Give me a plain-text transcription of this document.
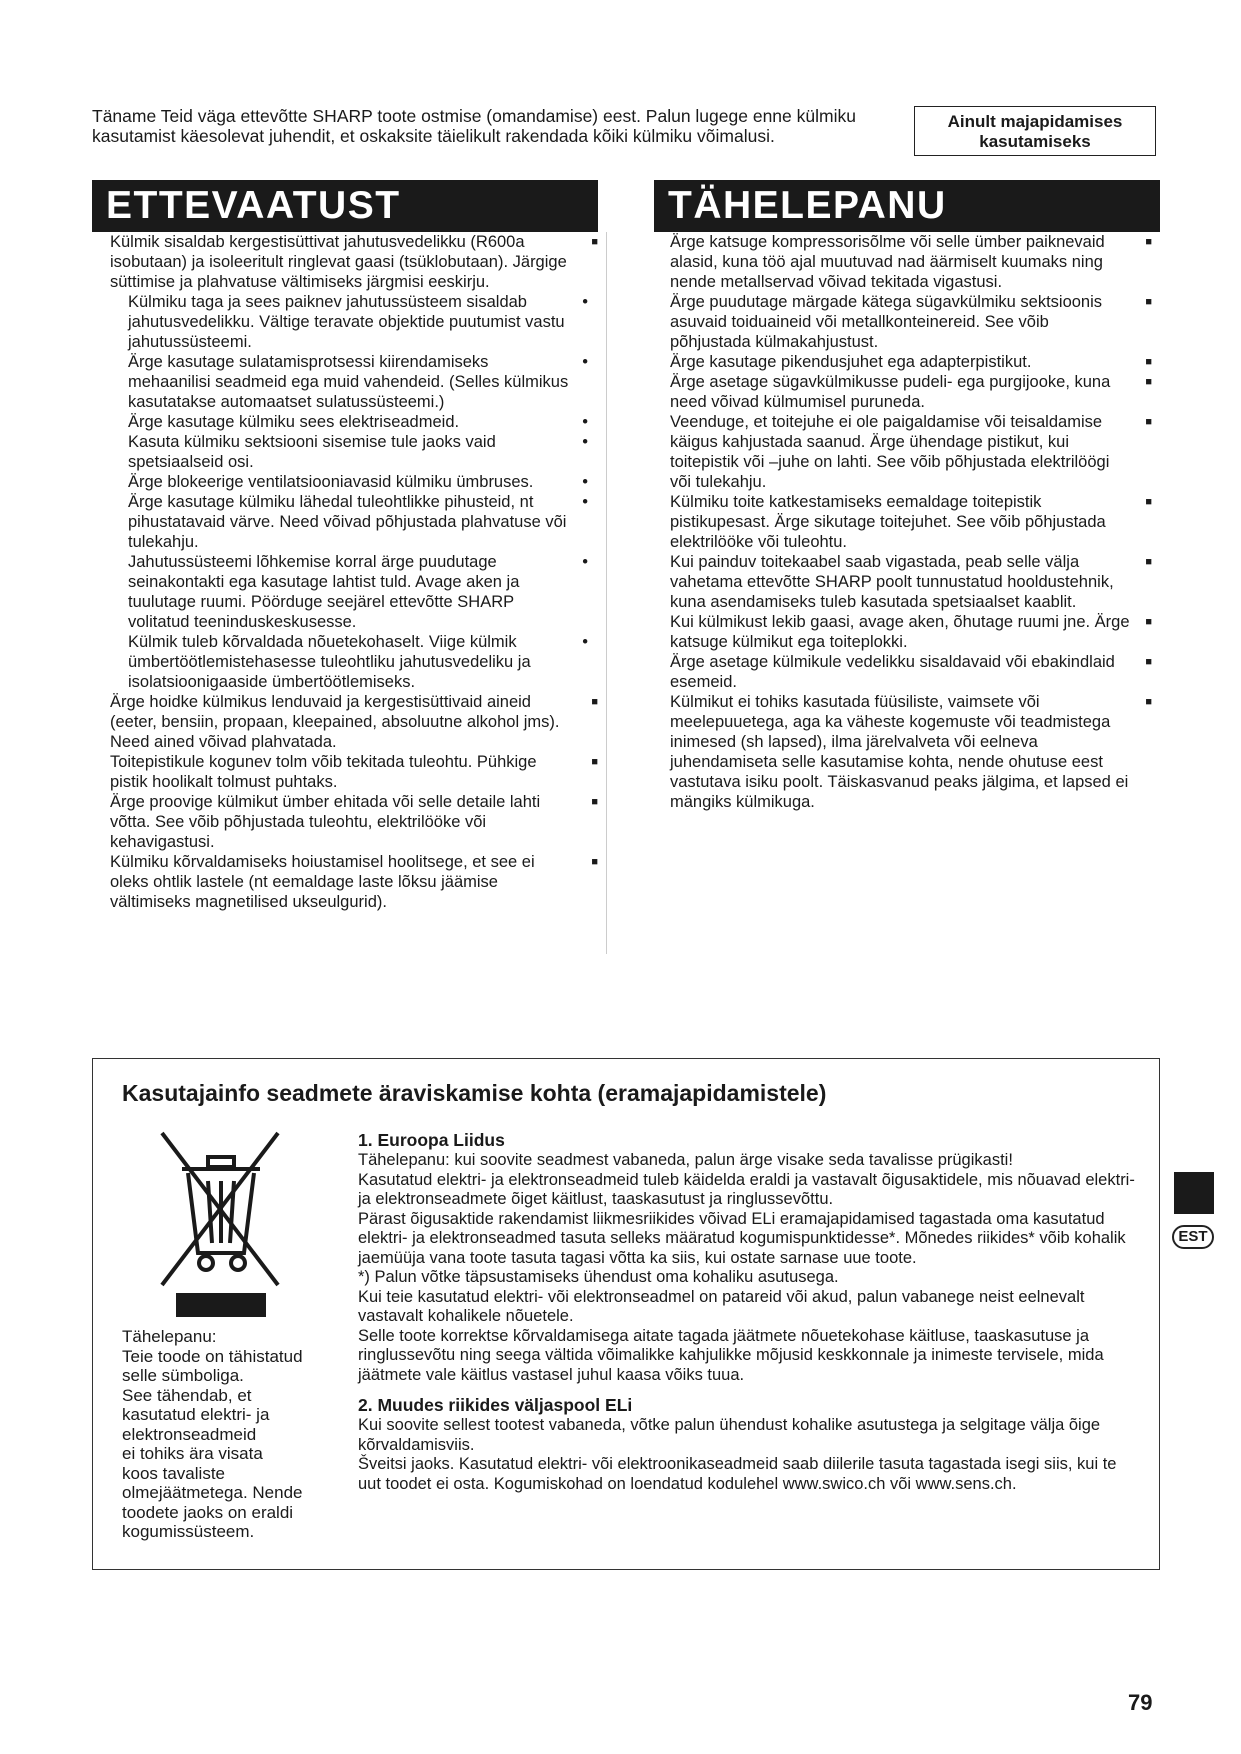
Täname Teid väga ettevõtte SHARP toote ostmise (omandamise) eest. Palun lugege enne külmiku kasutamist käesolevat juhendit, et oskaksite täielikult rakendada kõiki külmiku võimalusi.
Ainult majapidamises kasutamiseks
ETTEVAATUST	TÄHELEPANU

Külmik sisaldab kergestisüttivat jahutusvedelikku (R600a isobutaan) ja isoleeritult ringlevat gaasi (tsüklobutaan). Järgige süttimise ja plahvatuse vältimiseks järgmisi eeskirju. ■

Külmiku taga ja sees paiknev jahutussüsteem sisaldab jahutusvedelikku. Vältige teravate objektide puutumist vastu jahutussüsteemi. •

Ärge kasutage sulatamisprotsessi kiirendamiseks mehaanilisi seadmeid ega muid vahendeid. (Selles külmikus kasutatakse automaatset sulatussüsteemi.) •

Ärge kasutage külmiku sees elektriseadmeid. •

Kasuta külmiku sektsiooni sisemise tule jaoks vaid spetsiaalseid osi. •

Ärge blokeerige ventilatsiooniavasid külmiku ümbruses. •

Ärge kasutage külmiku lähedal tuleohtlikke pihusteid, nt pihustatavaid värve. Need võivad põhjustada plahvatuse või tulekahju. •

Jahutussüsteemi lõhkemise korral ärge puudutage seinakontakti ega kasutage lahtist tuld. Avage aken ja tuulutage ruumi. Pöörduge seejärel ettevõtte SHARP volitatud teeninduskeskusesse. •

Külmik tuleb kõrvaldada nõuetekohaselt. Viige külmik ümbertöötlemistehasesse tuleohtliku jahutusvedeliku ja isolatsioonigaaside ümbertöötlemiseks. •

Ärge hoidke külmikus lenduvaid ja kergestisüttivaid aineid (eeter, bensiin, propaan, kleepained, absoluutne alkohol jms). Need ained võivad plahvatada. ■

Toitepistikule kogunev tolm võib tekitada tuleohtu. Pühkige pistik hoolikalt tolmust puhtaks. ■

Ärge proovige külmikut ümber ehitada või selle detaile lahti võtta. See võib põhjustada tuleohtu, elektrilööke või kehavigastusi. ■

Külmiku kõrvaldamiseks hoiustamisel hoolitsege, et see ei oleks ohtlik lastele (nt eemaldage laste lõksu jäämise vältimiseks magnetilised ukseulgurid). ■

Ärge katsuge kompressorisõlme või selle ümber paiknevaid alasid, kuna töö ajal muutuvad nad äärmiselt kuumaks ning nende metallservad võivad tekitada vigastusi. ■

Ärge puudutage märgade kätega sügavkülmiku sektsioonis asuvaid toiduaineid või metallkonteinereid. See võib põhjustada külmakahjustust. ■

Ärge kasutage pikendusjuhet ega adapterpistikut. ■

Ärge asetage sügavkülmikusse pudeli- ega purgijooke, kuna need võivad külmumisel puruneda. ■

Veenduge, et toitejuhe ei ole paigaldamise või teisaldamise käigus kahjustada saanud. Ärge ühendage pistikut, kui toitepistik või –juhe on lahti. See võib põhjustada elektrilöögi või tulekahju. ■

Külmiku toite katkestamiseks eemaldage toitepistik pistikupesast. Ärge sikutage toitejuhet. See võib põhjustada elektrilööke või tuleohtu. ■

Kui painduv toitekaabel saab vigastada, peab selle välja vahetama ettevõtte SHARP poolt tunnustatud hooldustehnik, kuna asendamiseks tuleb kasutada spetsiaalset kaablit. ■

Kui külmikust lekib gaasi, avage aken, õhutage ruumi jne. Ärge katsuge külmikut ega toiteplokki. ■

Ärge asetage külmikule vedelikku sisaldavaid või ebakindlaid esemeid. ■

Külmikut ei tohiks kasutada füüsiliste, vaimsete või meelepuuetega, aga ka väheste kogemuste või teadmistega inimesed (sh lapsed), ilma järelvalveta või eelneva juhendamiseta selle kasutamise kohta, nende ohutuse eest vastutava isiku poolt. Täiskasvanud peaks jälgima, et lapsed ei mängiks külmikuga. ■

Kasutajainfo seadmete äraviskamise kohta (eramajapidamistele)

Tähelepanu:

Teie toode on tähistatud

selle sümboliga.

See tähendab, et

kasutatud elektri- ja

elektronseadmeid

ei tohiks ära visata

koos tavaliste

olmejäätmetega. Nende

toodete jaoks on eraldi

kogumissüsteem.

1. Euroopa Liidus

Tähelepanu: kui soovite seadmest vabaneda, palun ärge visake seda tavalisse prügikasti!

Kasutatud elektri- ja elektronseadmeid tuleb käidelda eraldi ja vastavalt õigusaktidele, mis nõuavad elektri- ja elektronseadmete õiget käitlust, taaskasutust ja ringlussevõttu.

Pärast õigusaktide rakendamist liikmesriikides võivad ELi eramajapidamised tagastada oma kasutatud elektri- ja elektronseadmed tasuta selleks määratud kogumispunktidesse*. Mõnedes riikides* võib kohalik jaemüüja vana toote tasuta tagasi võtta ka siis, kui ostate sarnase uue toote.

*) Palun võtke täpsustamiseks ühendust oma kohaliku asutusega.

Kui teie kasutatud elektri- või elektronseadmel on patareid või akud, palun vabanege neist eelnevalt vastavalt kohalikele nõuetele.

Selle toote korrektse kõrvaldamisega aitate tagada jäätmete nõuetekohase käitluse, taaskasutuse ja ringlussevõtu ning seega vältida võimalikke kahjulikke mõjusid keskkonnale ja inimeste tervisele, mida jäätmete vale käitlus vastasel juhul kaasa võiks tuua.

2. Muudes riikides väljaspool ELi

Kui soovite sellest tootest vabaneda, võtke palun ühendust kohalike asutustega ja selgitage välja õige kõrvaldamisviis.

Šveitsi jaoks. Kasutatud elektri- või elektroonikaseadmeid saab diilerile tasuta tagastada isegi siis, kui te uut toodet ei osta. Kogumiskohad on loendatud kodulehel www.swico.ch või www.sens.ch.

EST
79
